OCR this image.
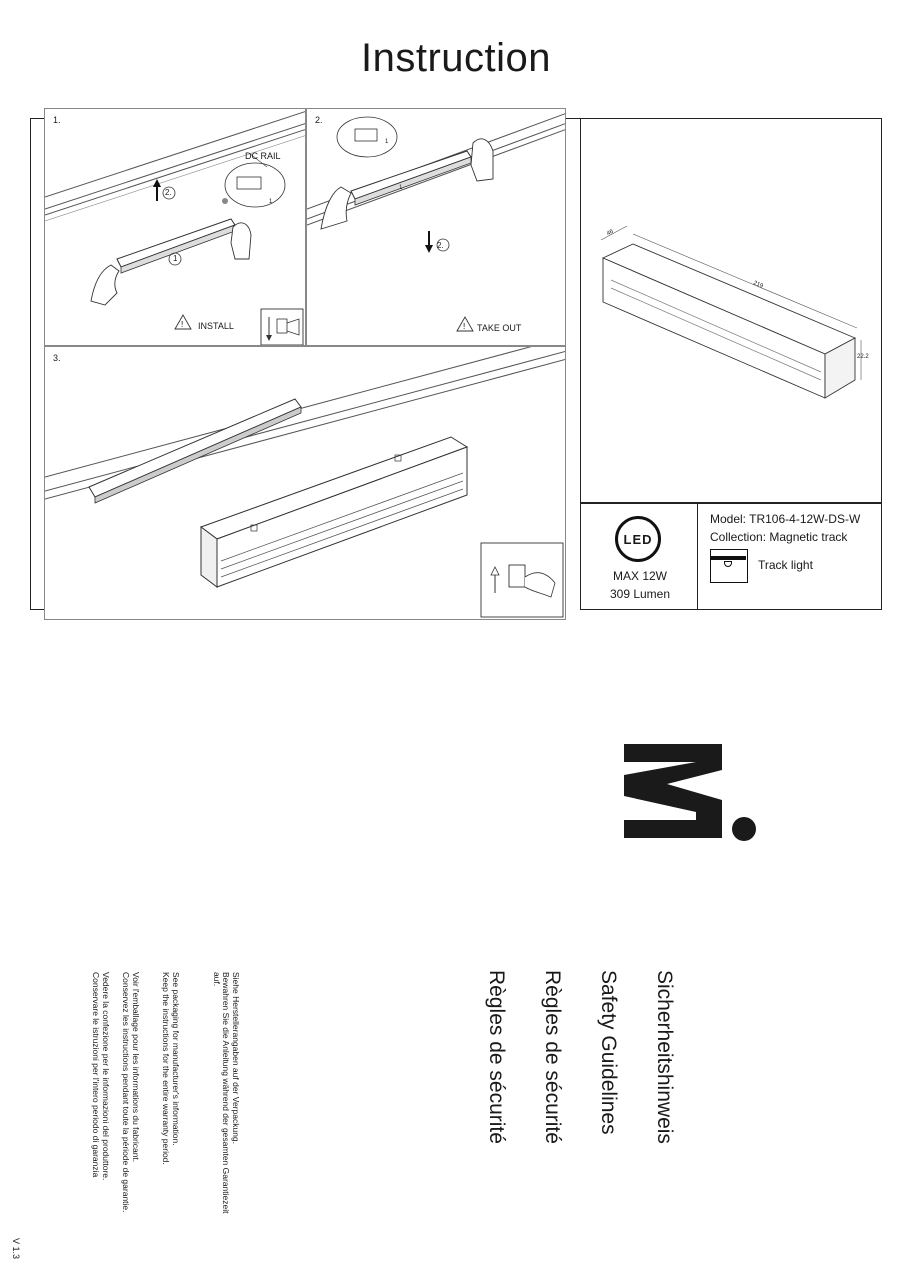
Instruction
1.
!
DC RAIL
2.
1
1
INSTALL
2.
!
2.
1
1
TAKE OUT
3.
46
219
22.2
LED
MAX 12W
309 Lumen
Model: TR106-4-12W-DS-W
Collection: Magnetic track
Track light
Sicherheitshinweis
Safety Guidelines
Règles de sécurité
Règles de sécurité
Siehe Herstellerangaben auf der Verpackung.
Bewahren Sie die Anleitung während der gesamten Garantiezeit
auf.
See packaging for manufacturer's information.
Keep the instructions for the entire warranty period.
Voir l'emballage pour les informations du fabricant.
Conservez les instructions pendant toute la période de garantie.
Vedere la confezione per le informazioni del produttore.
Conservare le istruzioni per l'intero periodo di garanzia
V 1.3
